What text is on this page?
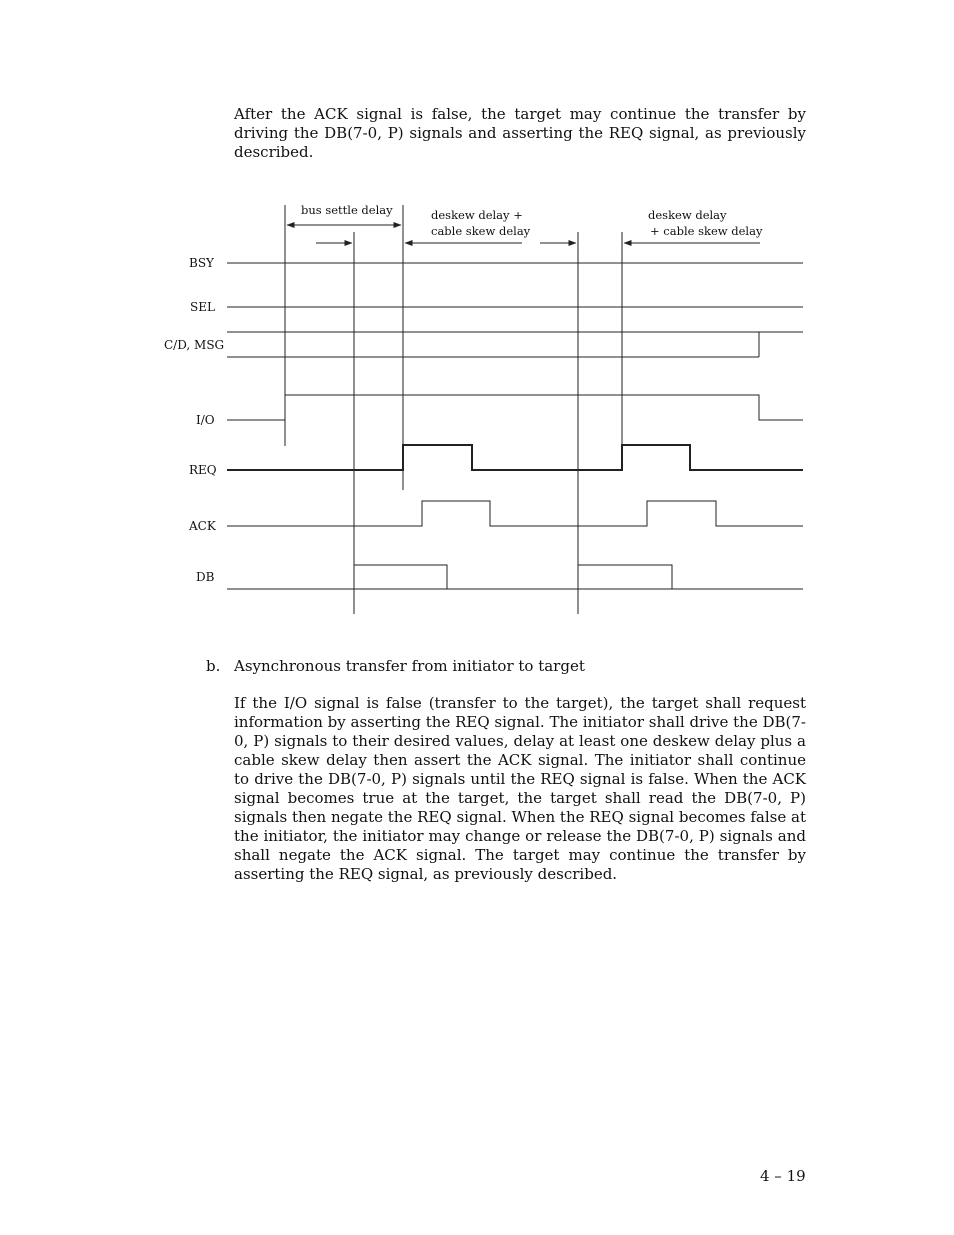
After the ACK signal is false, the target may continue the transfer by driving the DB(7-0, P) signals and asserting the REQ signal, as previously described.

bus settle delay	deskew delay +
cable skew delay
deskew delay
+ cable skew delay
BSY
SEL
C/D, MSG
I/O
REQ
ACK
DB

b. Asynchronous transfer from initiator to target

If the I/O signal is false (transfer to the target), the target shall request information by asserting the REQ signal. The initiator shall drive the DB(7-0, P) signals to their desired values, delay at least one deskew delay plus a cable skew delay then assert the ACK signal. The initiator shall continue to drive the DB(7-0, P) signals until the REQ signal is false. When the ACK signal becomes true at the target, the target shall read the DB(7-0, P) signals then negate the REQ signal. When the REQ signal becomes false at the initiator, the initiator may change or release the DB(7-0, P) signals and shall negate the ACK signal. The target may continue the transfer by asserting the REQ signal, as previously described.

4 – 19
